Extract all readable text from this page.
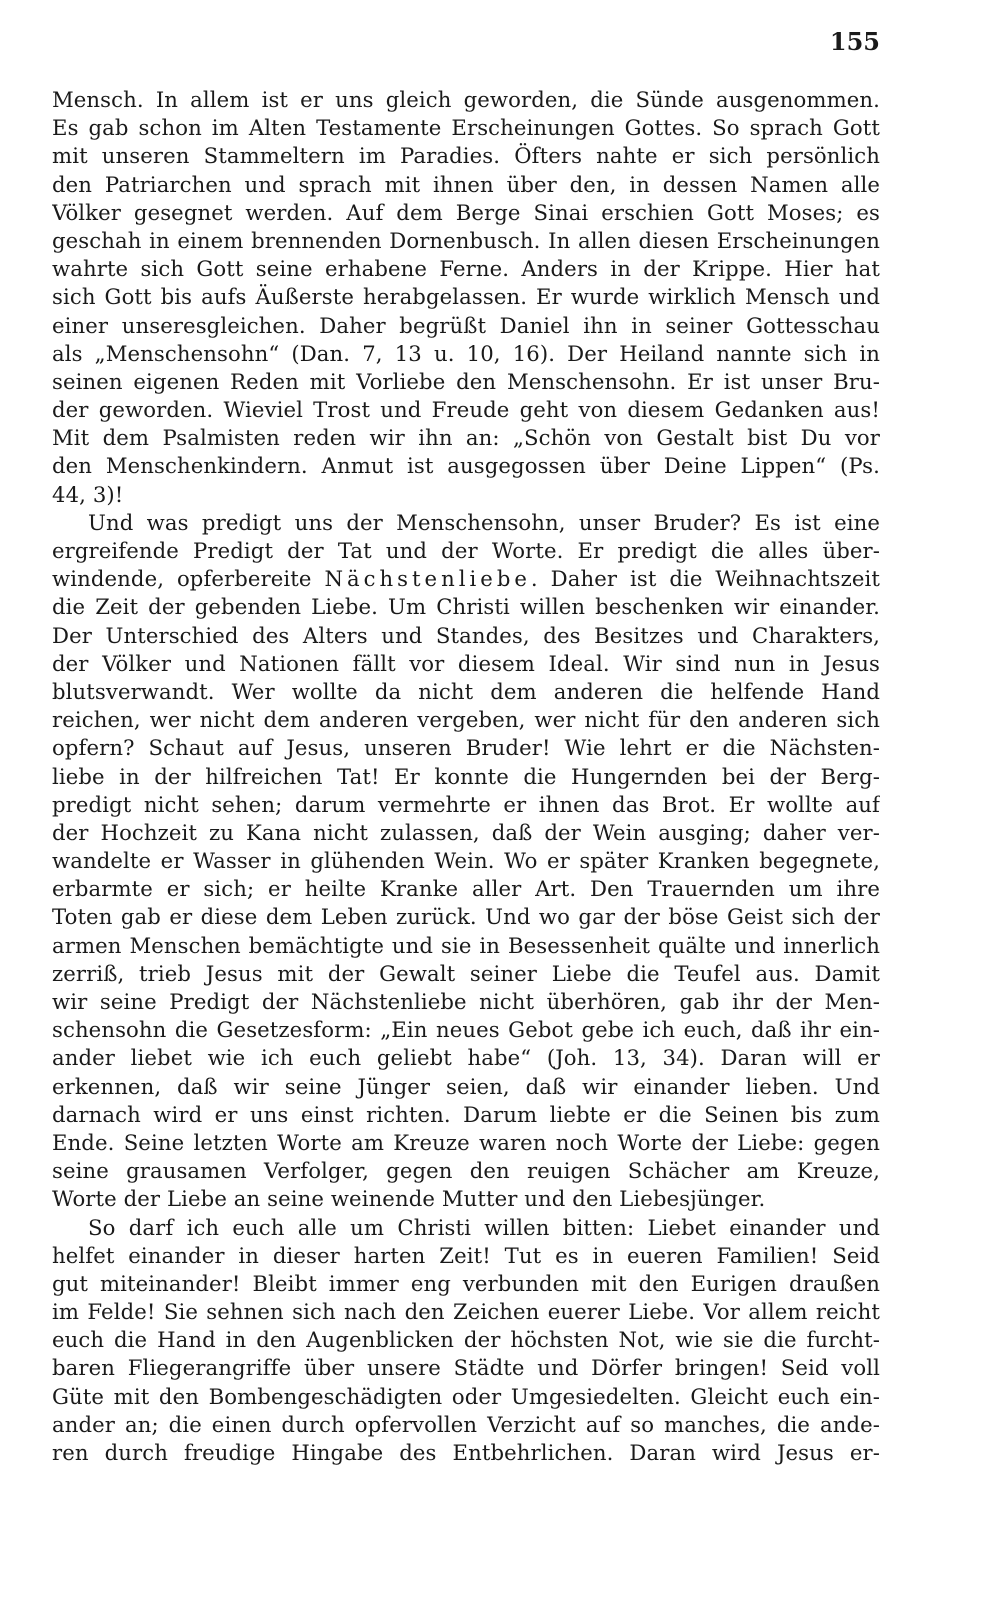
155
Mensch. In allem ist er uns gleich geworden, die Sünde ausgenommen.
Es gab schon im Alten Testamente Erscheinungen Gottes. So sprach Gott
mit unseren Stammeltern im Paradies. Öfters nahte er sich persönlich
den Patriarchen und sprach mit ihnen über den, in dessen Namen alle
Völker gesegnet werden. Auf dem Berge Sinai erschien Gott Moses; es
geschah in einem brennenden Dornenbusch. In allen diesen Erscheinungen
wahrte sich Gott seine erhabene Ferne. Anders in der Krippe. Hier hat
sich Gott bis aufs Äußerste herabgelassen. Er wurde wirklich Mensch und
einer unseresgleichen. Daher begrüßt Daniel ihn in seiner Gottesschau
als „Menschensohn“ (Dan. 7, 13 u. 10, 16). Der Heiland nannte sich in
seinen eigenen Reden mit Vorliebe den Menschensohn. Er ist unser Bru-
der geworden. Wieviel Trost und Freude geht von diesem Gedanken aus!
Mit dem Psalmisten reden wir ihn an: „Schön von Gestalt bist Du vor
den Menschenkindern. Anmut ist ausgegossen über Deine Lippen“ (Ps.
44, 3)!
Und was predigt uns der Menschensohn, unser Bruder? Es ist eine
ergreifende Predigt der Tat und der Worte. Er predigt die alles über-
windende, opferbereite Nächstenliebe. Daher ist die Weihnachtszeit
die Zeit der gebenden Liebe. Um Christi willen beschenken wir einander.
Der Unterschied des Alters und Standes, des Besitzes und Charakters,
der Völker und Nationen fällt vor diesem Ideal. Wir sind nun in Jesus
blutsverwandt. Wer wollte da nicht dem anderen die helfende Hand
reichen, wer nicht dem anderen vergeben, wer nicht für den anderen sich
opfern? Schaut auf Jesus, unseren Bruder! Wie lehrt er die Nächsten-
liebe in der hilfreichen Tat! Er konnte die Hungernden bei der Berg-
predigt nicht sehen; darum vermehrte er ihnen das Brot. Er wollte auf
der Hochzeit zu Kana nicht zulassen, daß der Wein ausging; daher ver-
wandelte er Wasser in glühenden Wein. Wo er später Kranken begegnete,
erbarmte er sich; er heilte Kranke aller Art. Den Trauernden um ihre
Toten gab er diese dem Leben zurück. Und wo gar der böse Geist sich der
armen Menschen bemächtigte und sie in Besessenheit quälte und innerlich
zerriß, trieb Jesus mit der Gewalt seiner Liebe die Teufel aus. Damit
wir seine Predigt der Nächstenliebe nicht überhören, gab ihr der Men-
schensohn die Gesetzesform: „Ein neues Gebot gebe ich euch, daß ihr ein-
ander liebet wie ich euch geliebt habe“ (Joh. 13, 34). Daran will er
erkennen, daß wir seine Jünger seien, daß wir einander lieben. Und
darnach wird er uns einst richten. Darum liebte er die Seinen bis zum
Ende. Seine letzten Worte am Kreuze waren noch Worte der Liebe: gegen
seine grausamen Verfolger, gegen den reuigen Schächer am Kreuze,
Worte der Liebe an seine weinende Mutter und den Liebesjünger.
So darf ich euch alle um Christi willen bitten: Liebet einander und
helfet einander in dieser harten Zeit! Tut es in eueren Familien! Seid
gut miteinander! Bleibt immer eng verbunden mit den Eurigen draußen
im Felde! Sie sehnen sich nach den Zeichen euerer Liebe. Vor allem reicht
euch die Hand in den Augenblicken der höchsten Not, wie sie die furcht-
baren Fliegerangriffe über unsere Städte und Dörfer bringen! Seid voll
Güte mit den Bombengeschädigten oder Umgesiedelten. Gleicht euch ein-
ander an; die einen durch opfervollen Verzicht auf so manches, die ande-
ren durch freudige Hingabe des Entbehrlichen. Daran wird Jesus er-
